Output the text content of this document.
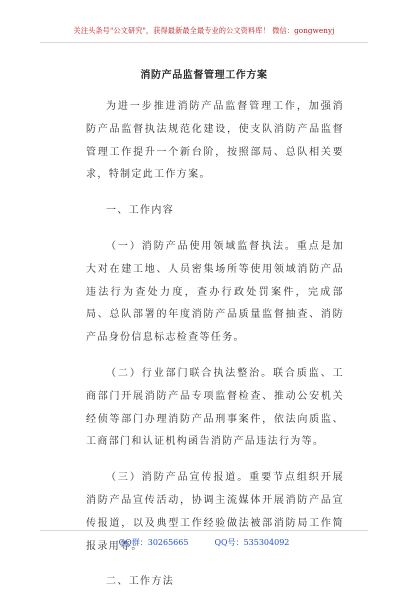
关注头条号"公文研究"，获得最新最全最专业的公文资料库！ 微信：gongwenyj
消防产品监督管理工作方案

为进一步推进消防产品监督管理工作，加强消防产品监督执法规范化建设，使支队消防产品监督管理工作提升一个新台阶，按照部局、总队相关要求，特制定此工作方案。

一、工作内容

（一）消防产品使用领域监督执法。重点是加大对在建工地、人员密集场所等使用领域消防产品违法行为查处力度，查办行政处罚案件，完成部局、总队部署的年度消防产品质量监督抽查、消防产品身份信息标志检查等任务。

（二）行业部门联合执法整治。联合质监、工商部门开展消防产品专项监督检查、推动公安机关经侦等部门办理消防产品刑事案件，依法向质监、工商部门和认证机构函告消防产品违法行为等。

（三）消防产品宣传报道。重要节点组织开展消防产品宣传活动，协调主流媒体开展消防产品宣传报道，以及典型工作经验做法被部消防局工作简报录用等。

二、工作方法

QQ群：30265665	QQ号：535304092
